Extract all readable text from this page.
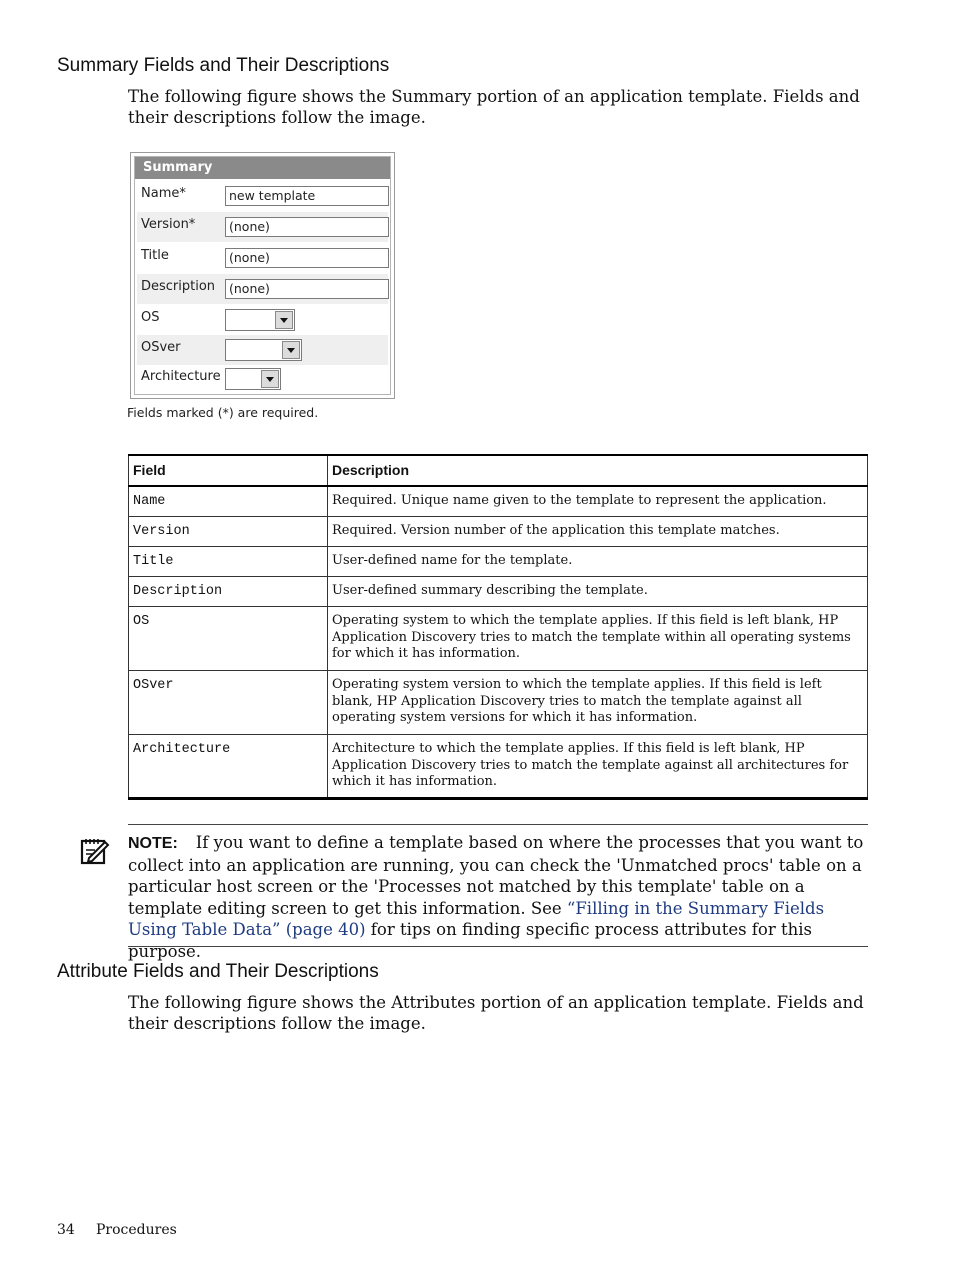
Summary Fields and Their Descriptions

The following figure shows the Summary portion of an application template. Fields and their descriptions follow the image.

Summary
Name*	new template
Version*	(none)
Title	(none)
Description	(none)
OS
OSver
Architecture
Fields marked (*) are required.
Field	Description
Name	Required. Unique name given to the template to represent the application.
Version	Required. Version number of the application this template matches.
Title	User-defined name for the template.
Description	User-defined summary describing the template.
OS	Operating system to which the template applies. If this field is left blank, HP Application Discovery tries to match the template within all operating systems for which it has information.
OSver	Operating system version to which the template applies. If this field is left blank, HP Application Discovery tries to match the template against all operating system versions for which it has information.
Architecture	Architecture to which the template applies. If this field is left blank, HP Application Discovery tries to match the template against all architectures for which it has information.

NOTE: If you want to define a template based on where the processes that you want to collect into an application are running, you can check the 'Unmatched procs' table on a particular host screen or the 'Processes not matched by this template' table on a template editing screen to get this information. See “Filling in the Summary Fields Using Table Data” (page 40) for tips on finding specific process attributes for this purpose.

Attribute Fields and Their Descriptions

The following figure shows the Attributes portion of an application template. Fields and their descriptions follow the image.

34 Procedures
